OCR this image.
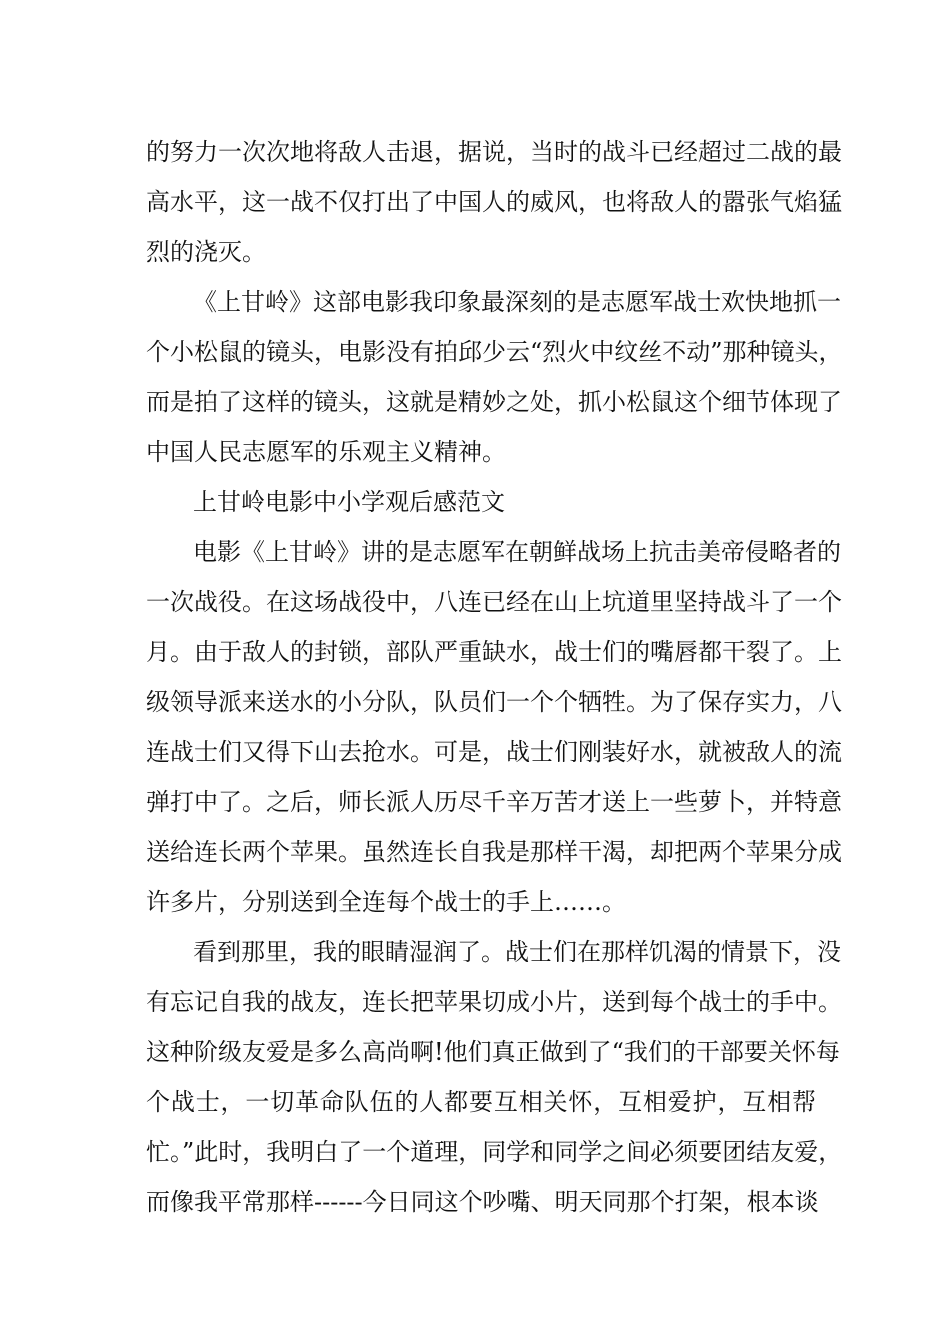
的努力一次次地将敌人击退，据说，当时的战斗已经超过二战的最
高水平，这一战不仅打出了中国人的威风，也将敌人的嚣张气焰猛
烈的浇灭。
《上甘岭》这部电影我印象最深刻的是志愿军战士欢快地抓一
个小松鼠的镜头，电影没有拍邱少云“烈火中纹丝不动”那种镜头，
而是拍了这样的镜头，这就是精妙之处，抓小松鼠这个细节体现了
中国人民志愿军的乐观主义精神。
上甘岭电影中小学观后感范文
电影《上甘岭》讲的是志愿军在朝鲜战场上抗击美帝侵略者的
一次战役。在这场战役中，八连已经在山上坑道里坚持战斗了一个
月。由于敌人的封锁，部队严重缺水，战士们的嘴唇都干裂了。上
级领导派来送水的小分队，队员们一个个牺牲。为了保存实力，八
连战士们又得下山去抢水。可是，战士们刚装好水，就被敌人的流
弹打中了。之后，师长派人历尽千辛万苦才送上一些萝卜，并特意
送给连长两个苹果。虽然连长自我是那样干渴，却把两个苹果分成
许多片，分别送到全连每个战士的手上……。
看到那里，我的眼睛湿润了。战士们在那样饥渴的情景下，没
有忘记自我的战友，连长把苹果切成小片，送到每个战士的手中。
这种阶级友爱是多么高尚啊!他们真正做到了“我们的干部要关怀每
个战士，一切革命队伍的人都要互相关怀，互相爱护，互相帮
忙。”此时，我明白了一个道理，同学和同学之间必须要团结友爱，
而像我平常那样------今日同这个吵嘴、明天同那个打架，根本谈
